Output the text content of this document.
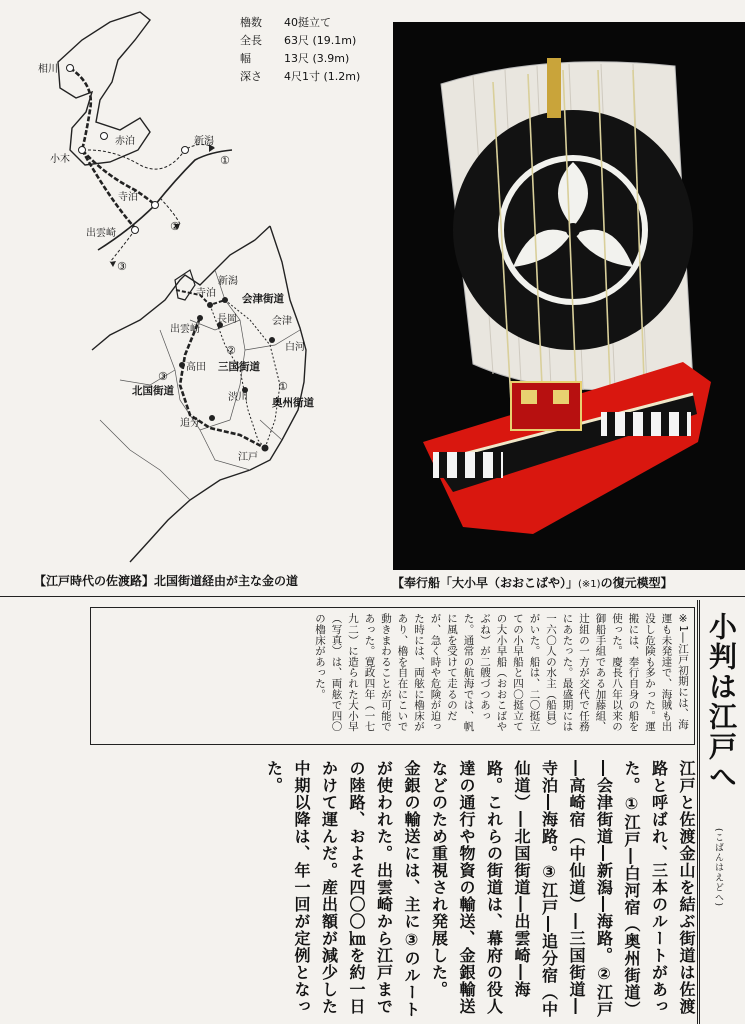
相川
赤泊
小木
新潟
寺泊
出雲崎
①
②
③
新潟
寺泊 会津街道
長岡	会津
出雲崎
白河
②
三国街道
高田
③
北国街道	①
渋川 奥州街道
追分
江戸
櫓数	40挺立て
全長	63尺 (19.1m)
幅	13尺 (3.9m)
深さ	4尺1寸 (1.2m)
【江戸時代の佐渡路】北国街道経由が主な金の道	【奉行船「大小早（おおこばや）」(※1)の復元模型】
※1―江戸初期には、海運も未発達で、海賊も出没し危険も多かった。運搬には、奉行自身の船を使った。慶長八年以来の御船手組である加藤組、辻組の一方が交代で任務にあたった。最盛期には一六〇人の水主（船員）がいた。船は、二〇挺立ての小早船と四〇挺立ての大小早船（おおこばやぶね）が二艘づつあった。通常の航海では、帆に風を受けて走るのだが、急く時や危険が迫った時には、両舷に櫓床があり、櫓を自在にこいで動きまわることが可能であった。寛政四年（一七九二）に造られた大小早（写真）は、両舷で四〇の櫓床があった。	小判は江戸へ
(こばんはえどへ)
江戸と佐渡金山を結ぶ街道は佐渡路と呼ばれ、三本のルートがあった。①江戸―白河宿（奥州街道）―会津街道―新潟―海路。②江戸―高崎宿（中仙道）―三国街道―寺泊―海路。③江戸―追分宿（中仙道）―北国街道―出雲崎―海路。これらの街道は、幕府の役人達の通行や物資の輸送、金銀輸送などのため重視され発展した。　金銀の輸送には、主に③のルートが使われた。出雲崎から江戸までの陸路、およそ四〇〇㎞を約一日かけて運んだ。産出額が減少した中期以降は、年一回が定例となった。
